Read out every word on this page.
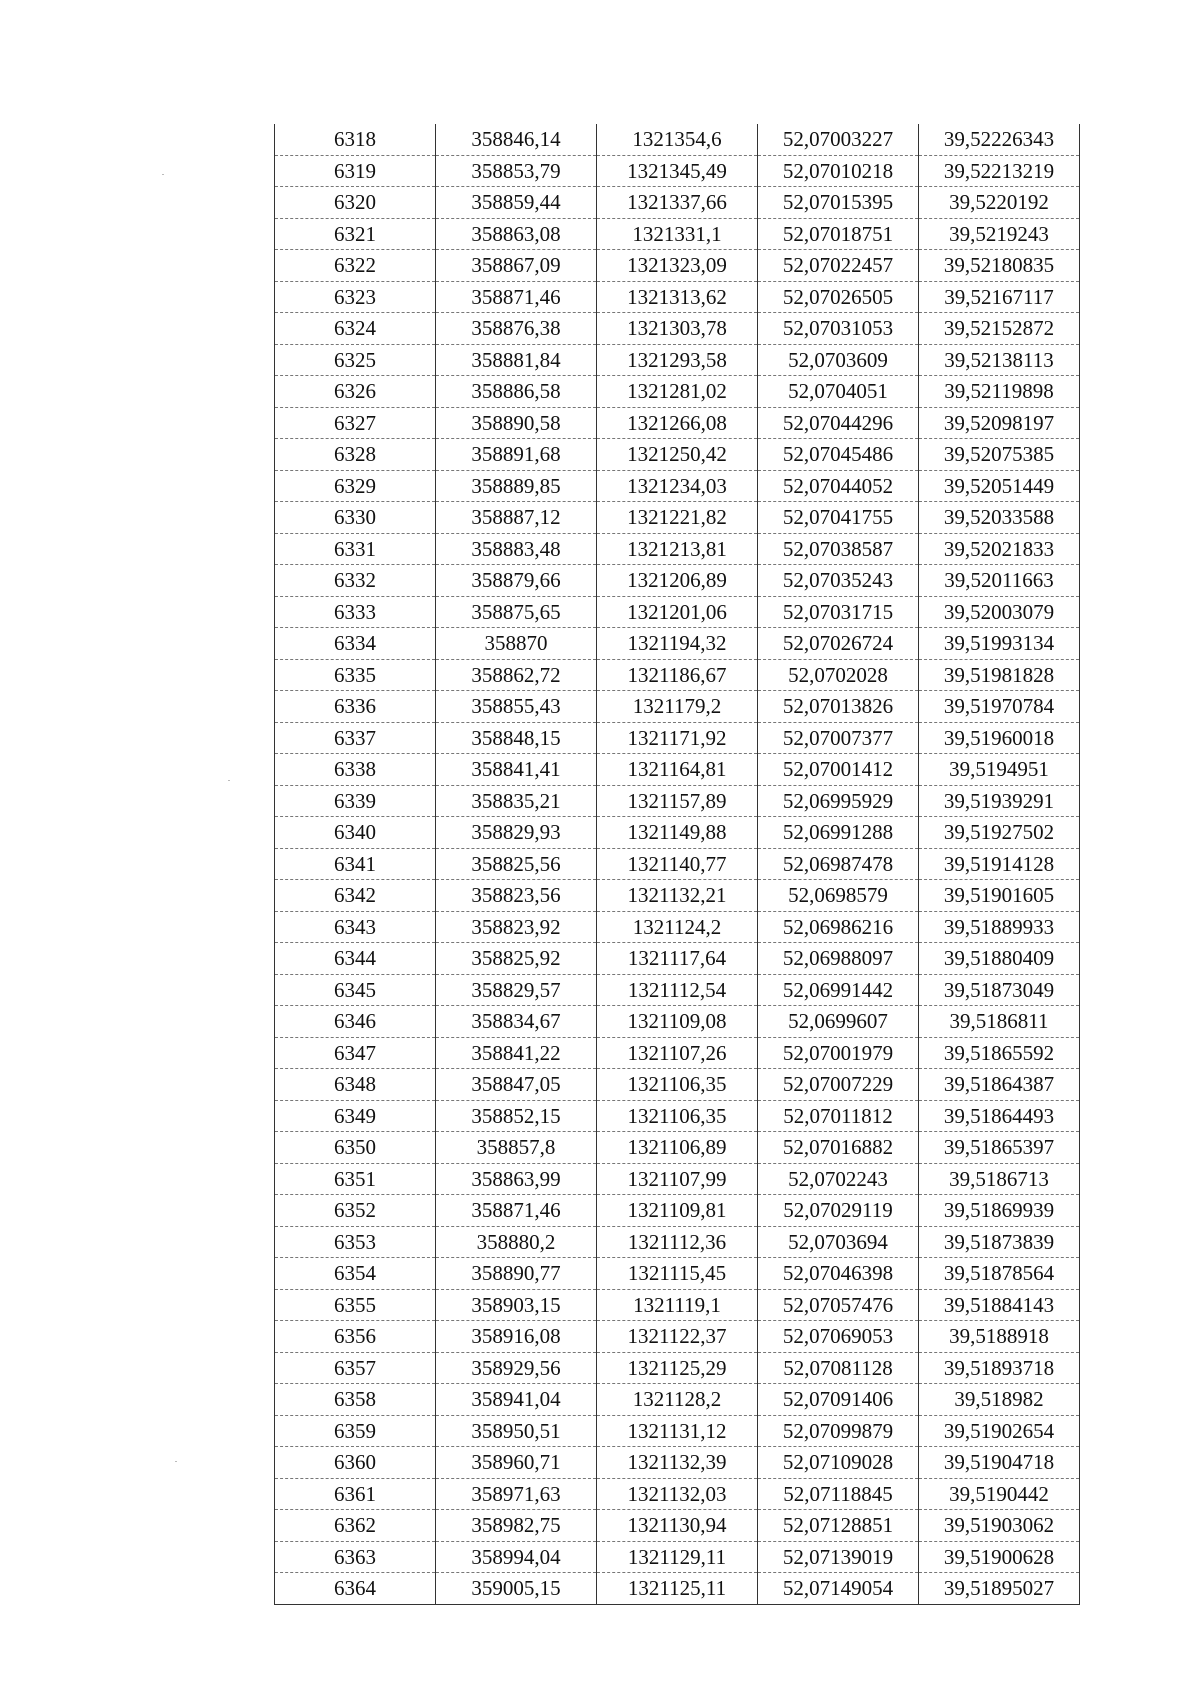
6318	358846,14	1321354,6	52,07003227	39,52226343
6319	358853,79	1321345,49	52,07010218	39,52213219
6320	358859,44	1321337,66	52,07015395	39,5220192
6321	358863,08	1321331,1	52,07018751	39,5219243
6322	358867,09	1321323,09	52,07022457	39,52180835
6323	358871,46	1321313,62	52,07026505	39,52167117
6324	358876,38	1321303,78	52,07031053	39,52152872
6325	358881,84	1321293,58	52,0703609	39,52138113
6326	358886,58	1321281,02	52,0704051	39,52119898
6327	358890,58	1321266,08	52,07044296	39,52098197
6328	358891,68	1321250,42	52,07045486	39,52075385
6329	358889,85	1321234,03	52,07044052	39,52051449
6330	358887,12	1321221,82	52,07041755	39,52033588
6331	358883,48	1321213,81	52,07038587	39,52021833
6332	358879,66	1321206,89	52,07035243	39,52011663
6333	358875,65	1321201,06	52,07031715	39,52003079
6334	358870	1321194,32	52,07026724	39,51993134
6335	358862,72	1321186,67	52,0702028	39,51981828
6336	358855,43	1321179,2	52,07013826	39,51970784
6337	358848,15	1321171,92	52,07007377	39,51960018
6338	358841,41	1321164,81	52,07001412	39,5194951
6339	358835,21	1321157,89	52,06995929	39,51939291
6340	358829,93	1321149,88	52,06991288	39,51927502
6341	358825,56	1321140,77	52,06987478	39,51914128
6342	358823,56	1321132,21	52,0698579	39,51901605
6343	358823,92	1321124,2	52,06986216	39,51889933
6344	358825,92	1321117,64	52,06988097	39,51880409
6345	358829,57	1321112,54	52,06991442	39,51873049
6346	358834,67	1321109,08	52,0699607	39,5186811
6347	358841,22	1321107,26	52,07001979	39,51865592
6348	358847,05	1321106,35	52,07007229	39,51864387
6349	358852,15	1321106,35	52,07011812	39,51864493
6350	358857,8	1321106,89	52,07016882	39,51865397
6351	358863,99	1321107,99	52,0702243	39,5186713
6352	358871,46	1321109,81	52,07029119	39,51869939
6353	358880,2	1321112,36	52,0703694	39,51873839
6354	358890,77	1321115,45	52,07046398	39,51878564
6355	358903,15	1321119,1	52,07057476	39,51884143
6356	358916,08	1321122,37	52,07069053	39,5188918
6357	358929,56	1321125,29	52,07081128	39,51893718
6358	358941,04	1321128,2	52,07091406	39,518982
6359	358950,51	1321131,12	52,07099879	39,51902654
6360	358960,71	1321132,39	52,07109028	39,51904718
6361	358971,63	1321132,03	52,07118845	39,5190442
6362	358982,75	1321130,94	52,07128851	39,51903062
6363	358994,04	1321129,11	52,07139019	39,51900628
6364	359005,15	1321125,11	52,07149054	39,51895027
